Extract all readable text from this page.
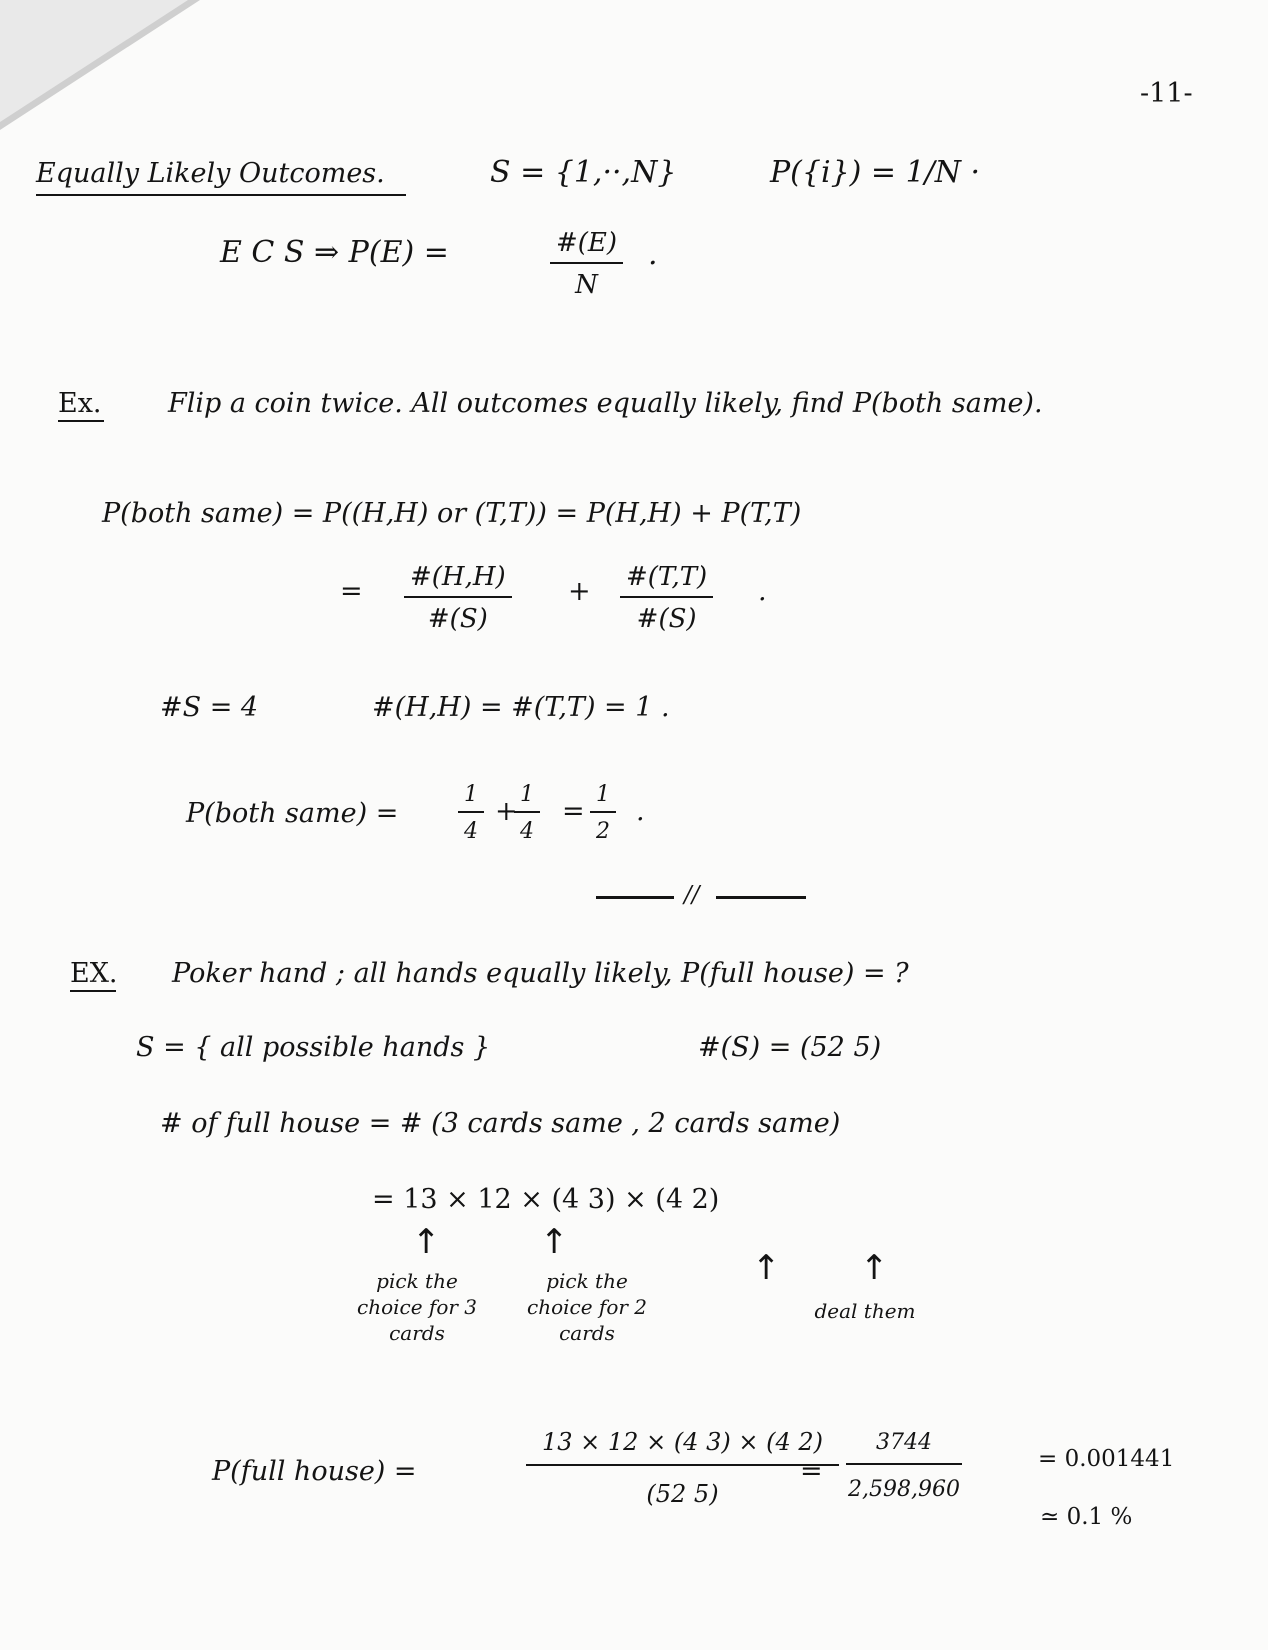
-11-
Equally Likely Outcomes.	S = {1,··,N}	P({i}) = 1/N ·
E C S ⇒ P(E) =	$\frac{\#(E)}{N}$ .
Ex. Flip a coin twice. All outcomes equally likely, find P(both same).
P(both same) = P((H,H) or (T,T)) = P(H,H) + P(T,T)
= $\frac{\#(H,H)}{\#(S)} + \frac{\#(T,T)}{\#(S)}$ .
#S = 4	#(H,H) = #(T,T) = 1 .
P(both same) =	$\frac{1}{4}$ +
$\frac{1}{4} = \frac{1}{2}$ .
//
EX. Poker hand ; all hands equally likely, P(full house) = ?
S = { all possible hands }	#(S) = (52 5)
# of full house = # (3 cards same , 2 cards same)
= 13 × 12 × (4 3) × (4 2)
↑	↑
↑ ↑
pick the choice for 3 cards
pick the choice for 2 cards
deal them
P(full house) =	$\frac{13 \times 12 \times (4 3) \times (4 2)}{(52 5)}$
= $\frac{3744}{2,598,960}$	= 0.001441
≃ 0.1 %
